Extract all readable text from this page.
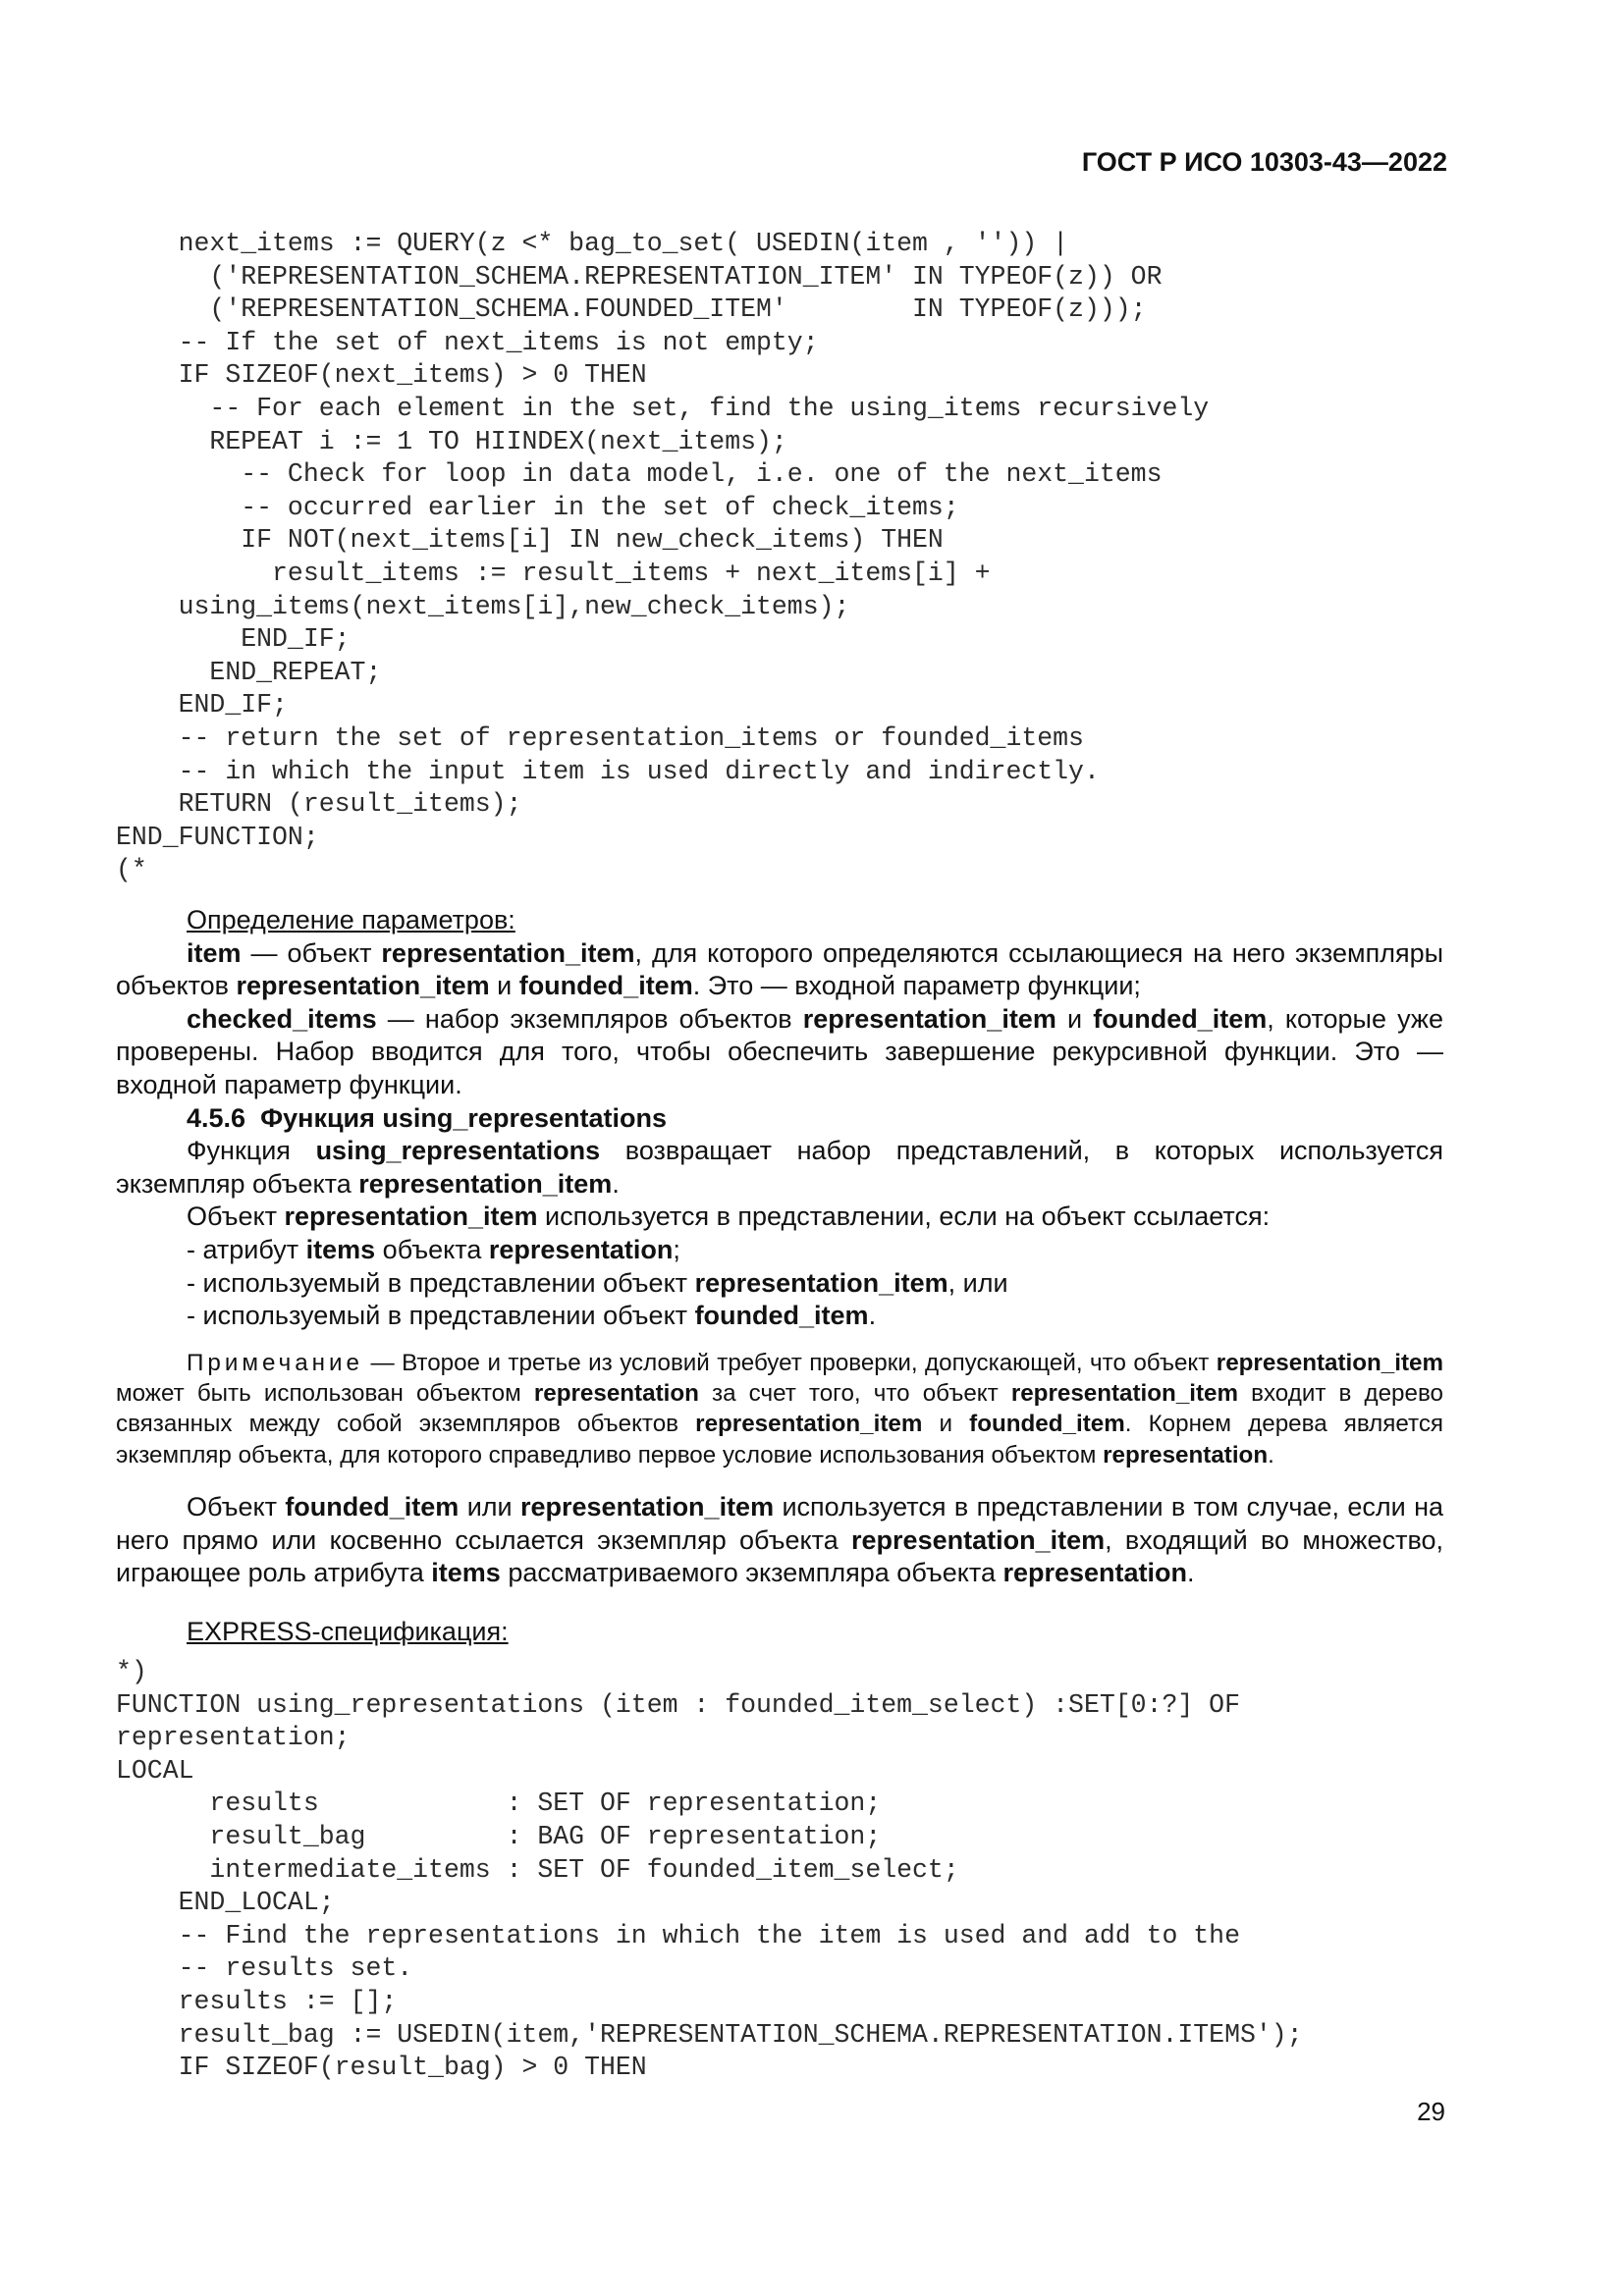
ГОСТ Р ИСО 10303-43—2022
next_items := QUERY(z <* bag_to_set( USEDIN(item , '')) |
('REPRESENTATION_SCHEMA.REPRESENTATION_ITEM' IN TYPEOF(z)) OR
('REPRESENTATION_SCHEMA.FOUNDED_ITEM'        IN TYPEOF(z)));
-- If the set of next_items is not empty;
IF SIZEOF(next_items) > 0 THEN
-- For each element in the set, find the using_items recursively
REPEAT i := 1 TO HIINDEX(next_items);
-- Check for loop in data model, i.e. one of the next_items
-- occurred earlier in the set of check_items;
IF NOT(next_items[i] IN new_check_items) THEN
result_items := result_items + next_items[i] +
using_items(next_items[i],new_check_items);
END_IF;
END_REPEAT;
END_IF;
-- return the set of representation_items or founded_items
-- in which the input item is used directly and indirectly.
RETURN (result_items);
END_FUNCTION;
(*

Определение параметров:

item — объект representation_item, для которого определяются ссылающиеся на него экземпляры объектов representation_item и founded_item. Это — входной параметр функции;

checked_items — набор экземпляров объектов representation_item и founded_item, которые уже проверены. Набор вводится для того, чтобы обеспечить завершение рекурсивной функции. Это — входной параметр функции.

4.5.6 Функция using_representations

Функция using_representations возвращает набор представлений, в которых используется экземпляр объекта representation_item.

Объект representation_item используется в представлении, если на объект ссылается:

- атрибут items объекта representation;

- используемый в представлении объект representation_item, или

- используемый в представлении объект founded_item.

Примечание — Второе и третье из условий требует проверки, допускающей, что объект representation_item может быть использован объектом representation за счет того, что объект representation_item входит в дерево связанных между собой экземпляров объектов representation_item и founded_item. Корнем дерева является экземпляр объекта, для которого справедливо первое условие использования объектом representation.

Объект founded_item или representation_item используется в представлении в том случае, если на него прямо или косвенно ссылается экземпляр объекта representation_item, входящий во множество, играющее роль атрибута items рассматриваемого экземпляра объекта representation.

EXPRESS-спецификация:

*)
FUNCTION using_representations (item : founded_item_select) :SET[0:?] OF
representation;
LOCAL
results            : SET OF representation;
result_bag         : BAG OF representation;
intermediate_items : SET OF founded_item_select;
END_LOCAL;
-- Find the representations in which the item is used and add to the
-- results set.
results := [];
result_bag := USEDIN(item,'REPRESENTATION_SCHEMA.REPRESENTATION.ITEMS');
IF SIZEOF(result_bag) > 0 THEN
29
